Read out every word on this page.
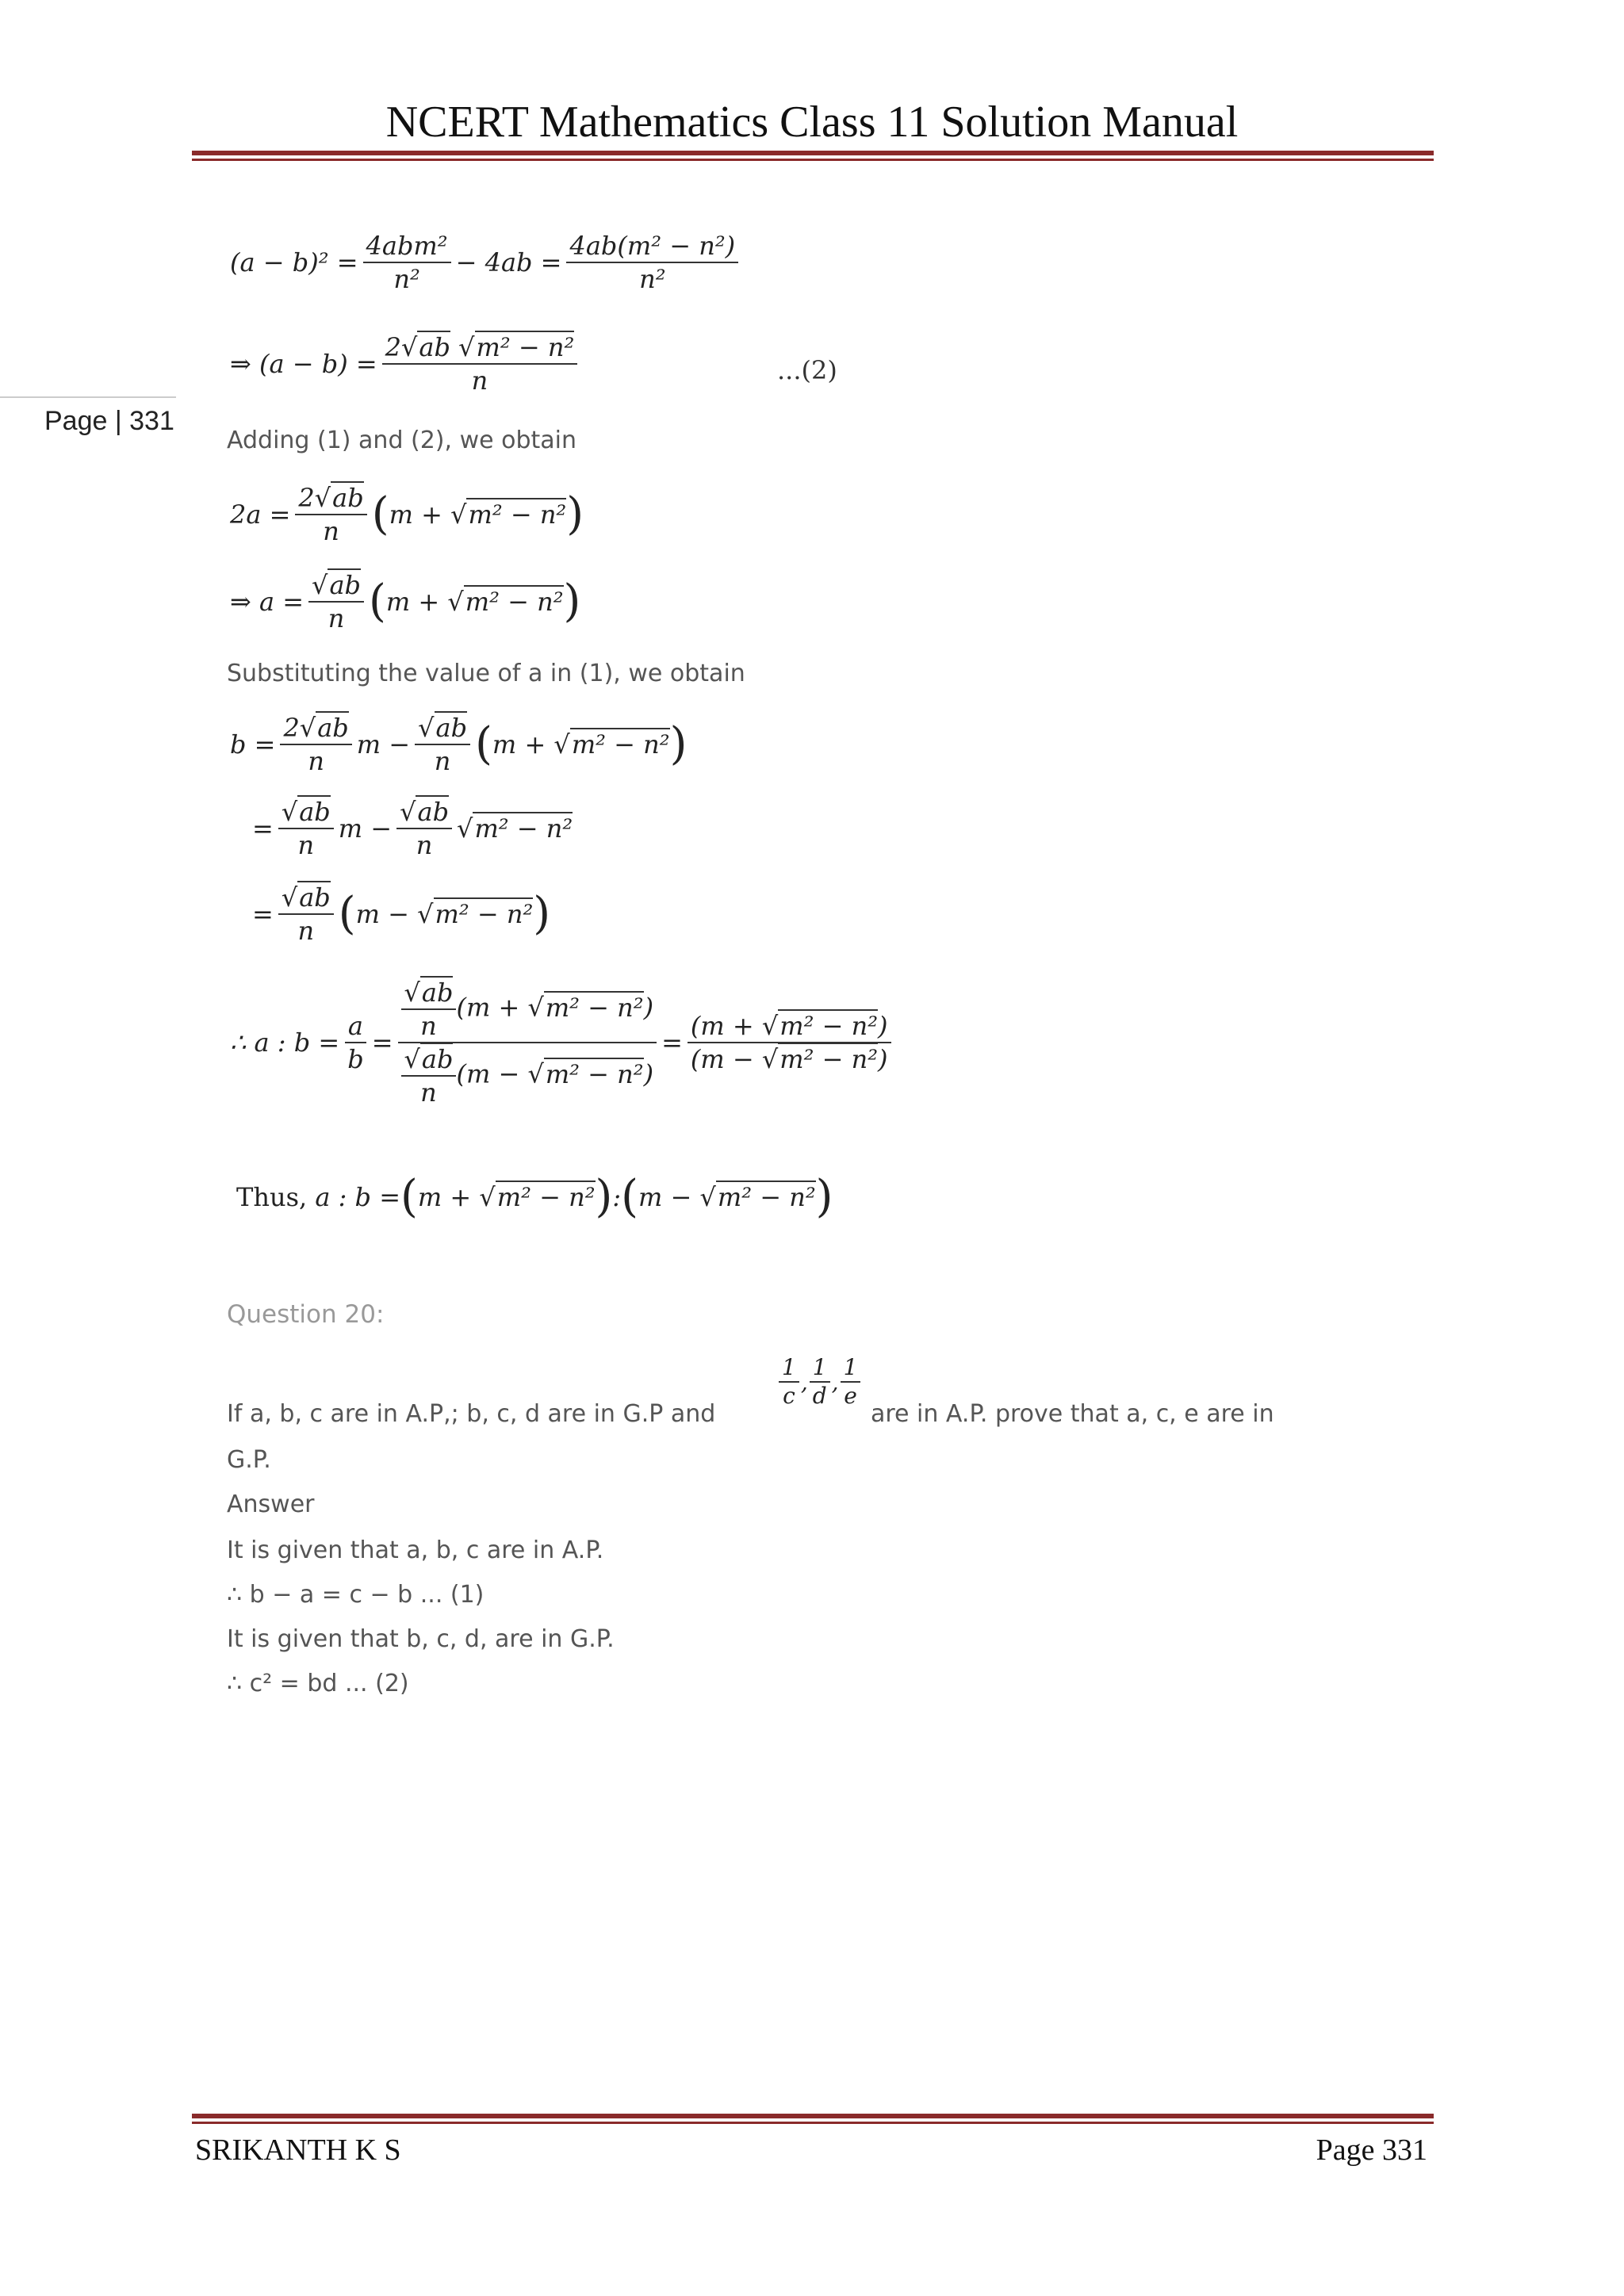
NCERT Mathematics Class 11 Solution Manual
Page | 331
$(a - b)^2 = \frac{\text{4abm²}}{\text{n²}} - 4ab = \frac{\text{4ab(m² − n²)}}{\text{n²}}$
⇒ $(a - b) = \frac{\text{2√ab √m² − n²}}{n}$	...(2)
Adding (1) and (2), we obtain
$2a = \frac{2√ab}{n}$ ( m + √m² − n² )
⇒ $a = \frac{√ab}{n}$ ( m + √m² − n² )
Substituting the value of a in (1), we obtain
$b = \frac{2√ab}{n}$ $m - \frac{√ab}{n}$ ( m + √m² − n² )
= $\frac{√ab}{n}$ $m - \frac{√ab}{n} √m^2 - n^2$
= $\frac{√ab}{n}$ ( m − √m² − n² )
∴ a : $b = \frac{a}{b} = \frac{\frac{√ab}{n} (m + √m^2 - n^2)}{\frac{√ab}{n} (m - √m^2 - n^2)} = \frac{\text{(m + √m² − n²)}}{\text{(m − √m² − n²)}}$
Thus, a : b = ( m + √m² − n² ) : ( m − √m² − n² )
Question 20:
If a, b, c are in A.P,; b, c, d are in G.P and
$\frac{1}{c}$ , $\frac{1}{d}$ , $\frac{1}{e}$
are in A.P. prove that a, c, e are in
G.P.
Answer
It is given that a, b, c are in A.P.
∴ b − a = c − b ... (1)
It is given that b, c, d, are in G.P.
∴ c² = bd ... (2)
SRIKANTH K S	Page 331
